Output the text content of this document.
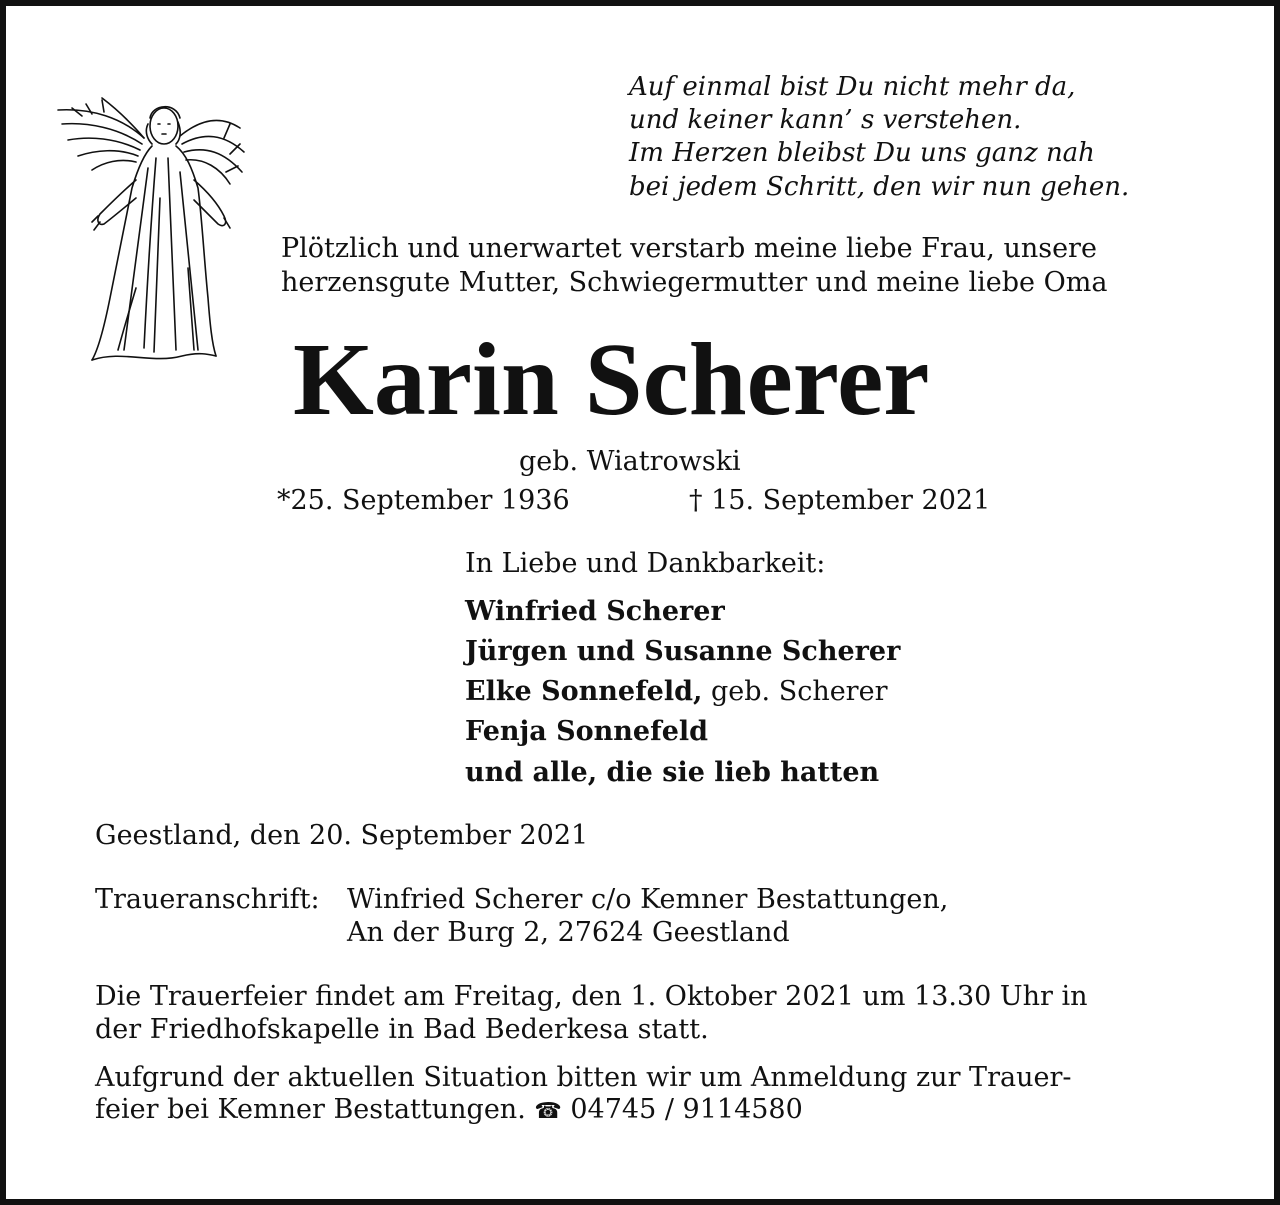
Auf einmal bist Du nicht mehr da,
und keiner kann’ s verstehen.
Im Herzen bleibst Du uns ganz nah
bei jedem Schritt, den wir nun gehen.
Plötzlich und unerwartet verstarb meine liebe Frau, unsere
herzensgute Mutter, Schwiegermutter und meine liebe Oma
Karin Scherer
geb. Wiatrowski
*25. September 1936	† 15. September 2021
In Liebe und Dankbarkeit:
Winfried Scherer
Jürgen und Susanne Scherer
Elke Sonnefeld, geb. Scherer
Fenja Sonnefeld
und alle, die sie lieb hatten
Geestland, den 20. September 2021
Traueranschrift: Winfried Scherer c/o Kemner Bestattungen,
An der Burg 2, 27624 Geestland
Die Trauerfeier findet am Freitag, den 1. Oktober 2021 um 13.30 Uhr in
der Friedhofskapelle in Bad Bederkesa statt.
Aufgrund der aktuellen Situation bitten wir um Anmeldung zur Trauer-
feier bei Kemner Bestattungen. ☎ 04745 / 9114580
